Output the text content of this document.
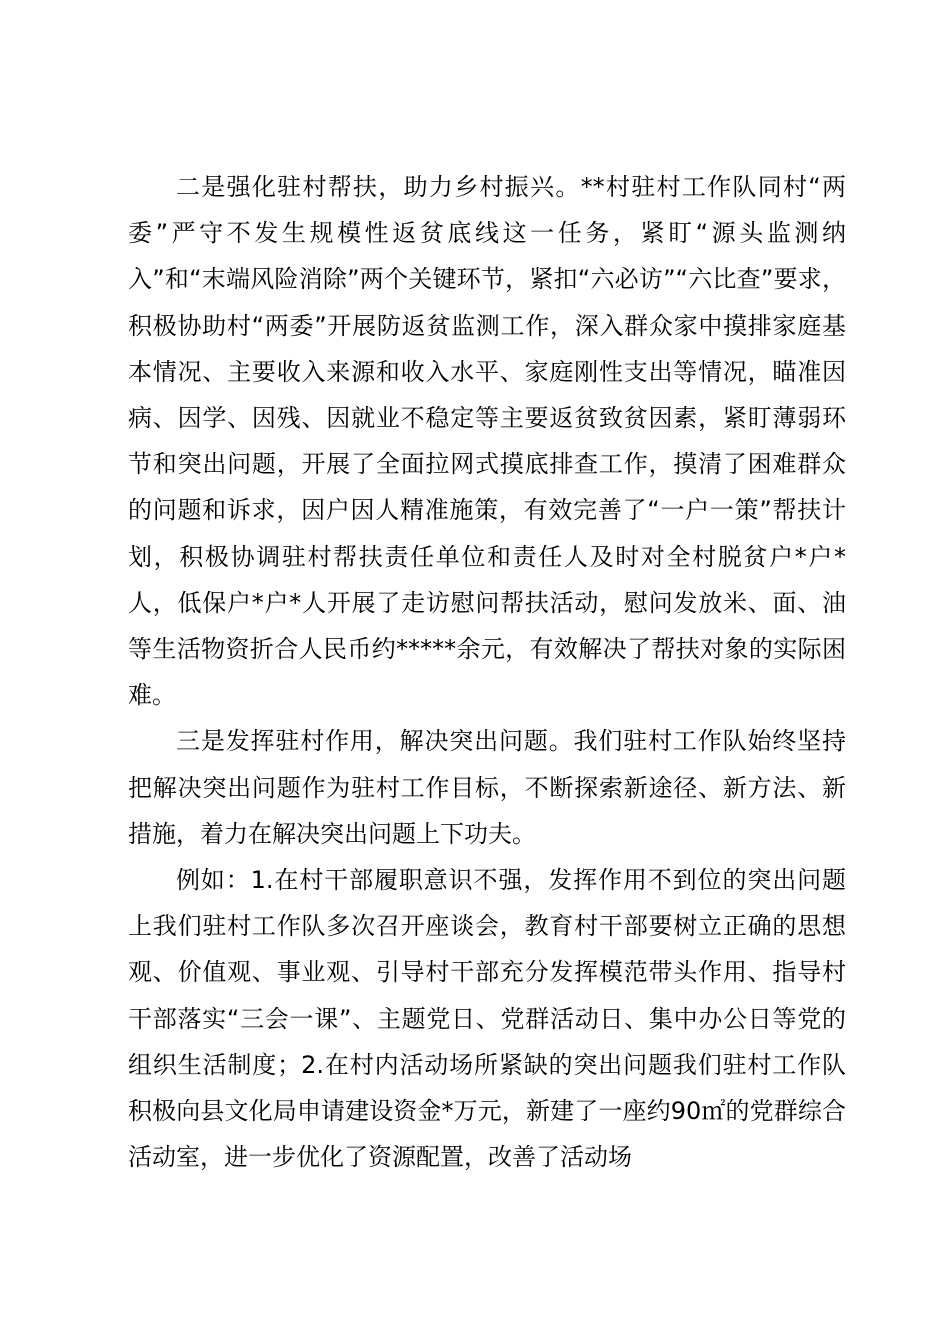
二是强化驻村帮扶，助力乡村振兴。**村驻村工作队同村“两委”严守不发生规模性返贫底线这一任务，紧盯“源头监测纳入”和“末端风险消除”两个关键环节，紧扣“六必访”“六比查”要求，积极协助村“两委”开展防返贫监测工作，深入群众家中摸排家庭基本情况、主要收入来源和收入水平、家庭刚性支出等情况，瞄准因病、因学、因残、因就业不稳定等主要返贫致贫因素，紧盯薄弱环节和突出问题，开展了全面拉网式摸底排查工作，摸清了困难群众的问题和诉求，因户因人精准施策，有效完善了“一户一策”帮扶计划，积极协调驻村帮扶责任单位和责任人及时对全村脱贫户*户*人，低保户*户*人开展了走访慰问帮扶活动，慰问发放米、面、油等生活物资折合人民币约*****余元，有效解决了帮扶对象的实际困难。

三是发挥驻村作用，解决突出问题。我们驻村工作队始终坚持把解决突出问题作为驻村工作目标，不断探索新途径、新方法、新措施，着力在解决突出问题上下功夫。

例如：1.在村干部履职意识不强，发挥作用不到位的突出问题上我们驻村工作队多次召开座谈会，教育村干部要树立正确的思想观、价值观、事业观、引导村干部充分发挥模范带头作用、指导村干部落实“三会一课”、主题党日、党群活动日、集中办公日等党的组织生活制度；2.在村内活动场所紧缺的突出问题我们驻村工作队积极向县文化局申请建设资金*万元，新建了一座约90㎡的党群综合活动室，进一步优化了资源配置，改善了活动场
